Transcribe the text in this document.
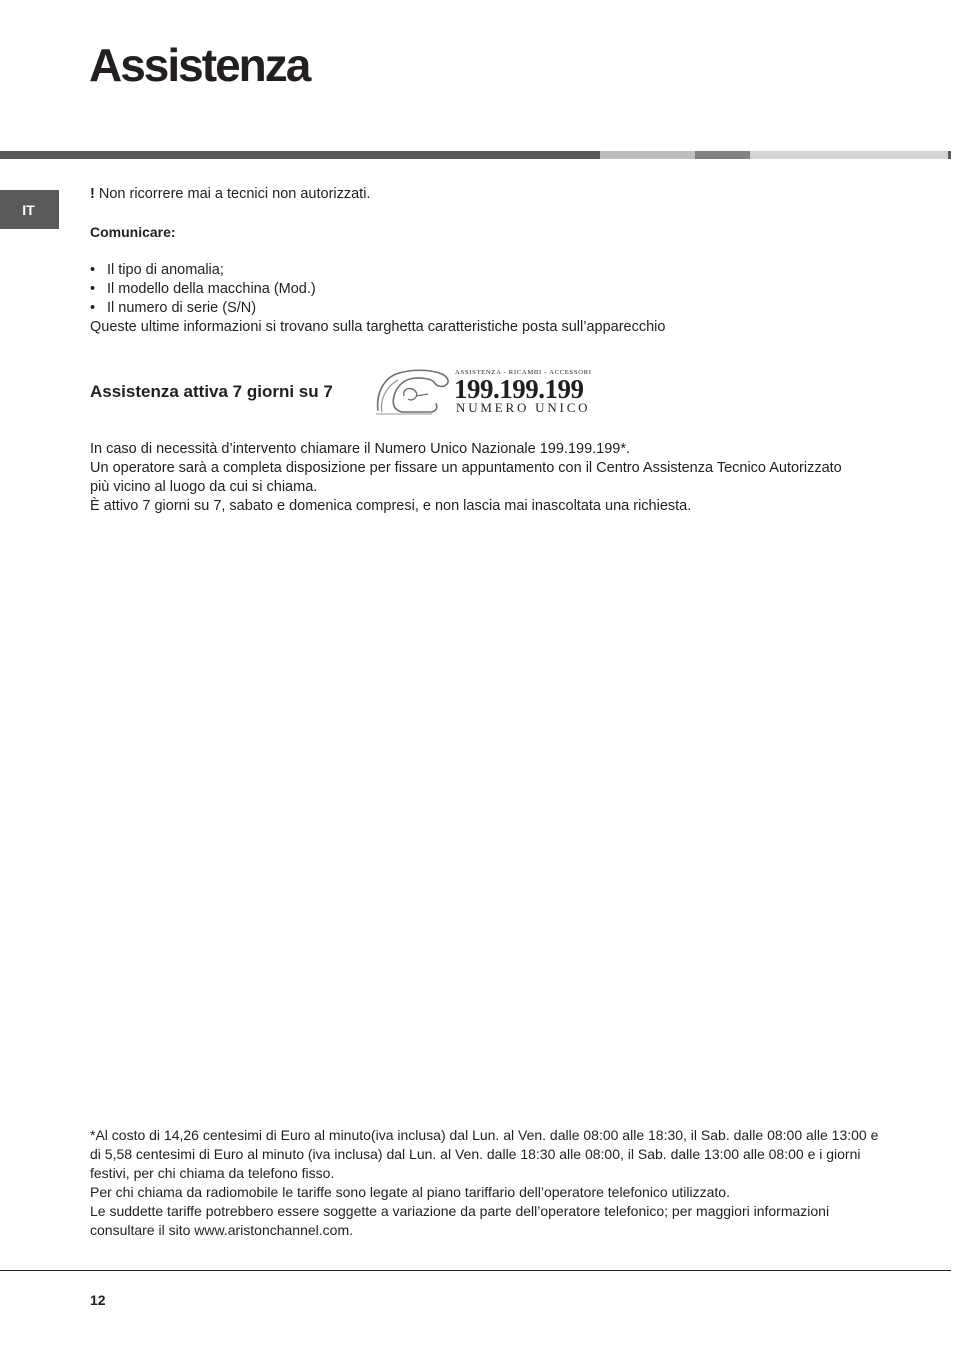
Assistenza
IT
! Non ricorrere mai a tecnici non autorizzati.
Comunicare:
• Il tipo di anomalia;
• Il modello della macchina (Mod.)
• Il numero di serie (S/N)
Queste ultime informazioni si trovano sulla targhetta caratteristiche posta sull’apparecchio
Assistenza attiva 7 giorni su 7
ASSISTENZA - RICAMBI - ACCESSORI
199.199.199
NUMERO UNICO

In caso di necessità d’intervento chiamare il Numero Unico Nazionale 199.199.199*.

Un operatore sarà a completa disposizione per fissare un appuntamento con il Centro Assistenza Tecnico Autorizzato più vicino al luogo da cui si chiama.

È attivo 7 giorni su 7, sabato e domenica compresi, e non lascia mai inascoltata una richiesta.

*Al costo di 14,26 centesimi di Euro al minuto(iva inclusa) dal Lun. al Ven. dalle 08:00 alle 18:30, il Sab. dalle 08:00 alle 13:00 e di 5,58 centesimi di Euro al minuto (iva inclusa) dal Lun. al Ven. dalle 18:30 alle 08:00, il Sab. dalle 13:00 alle 08:00 e i giorni festivi, per chi chiama da telefono fisso.

Per chi chiama da radiomobile le tariffe sono legate al piano tariffario dell’operatore telefonico utilizzato.

Le suddette tariffe potrebbero essere soggette a variazione da parte dell’operatore telefonico; per maggiori informazioni consultare il sito www.aristonchannel.com.

12
